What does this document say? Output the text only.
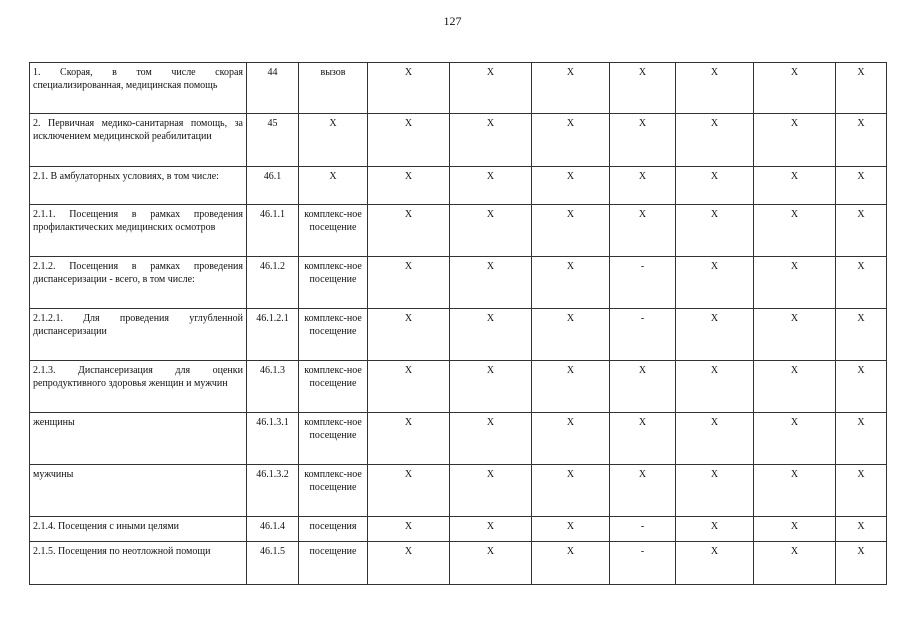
127
1. Скорая, в том числе скорая специализированная, медицинская помощь	44	вызов	X	X	X	X	X	X	X
2. Первичная медико-санитарная помощь, за исключением медицинской реабилитации	45	X	X	X	X	X	X	X	X
2.1. В амбулаторных условиях, в том числе:	46.1	X	X	X	X	X	X	X	X
2.1.1. Посещения в рамках проведения профилактических медицинских осмотров	46.1.1	комплекс-ное посещение	X	X	X	X	X	X	X
2.1.2. Посещения в рамках проведения диспансеризации - всего, в том числе:	46.1.2	комплекс-ное посещение	X	X	X	-	X	X	X
2.1.2.1. Для проведения углубленной диспансеризации	46.1.2.1	комплекс-ное посещение	X	X	X	-	X	X	X
2.1.3. Диспансеризация для оценки репродуктивного здоровья женщин и мужчин	46.1.3	комплекс-ное посещение	X	X	X	X	X	X	X
женщины	46.1.3.1	комплекс-ное посещение	X	X	X	X	X	X	X
мужчины	46.1.3.2	комплекс-ное посещение	X	X	X	X	X	X	X
2.1.4. Посещения с иными целями	46.1.4	посещения	X	X	X	-	X	X	X
2.1.5. Посещения по неотложной помощи	46.1.5	посещение	X	X	X	-	X	X	X
